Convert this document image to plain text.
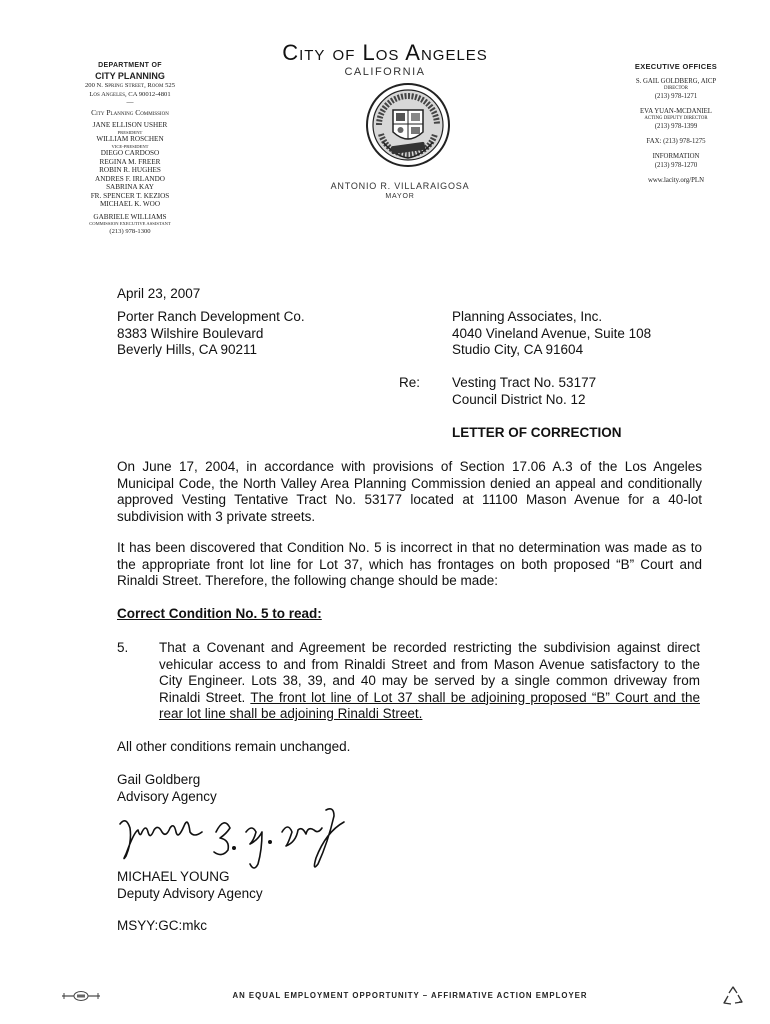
DEPARTMENT OF
CITY PLANNING
200 N. Spring Street, Room 525
Los Angeles, CA 90012-4801
—
City Planning Commission
JANE ELLISON USHER
PRESIDENT
WILLIAM ROSCHEN
VICE-PRESIDENT
DIEGO CARDOSO
REGINA M. FREER
ROBIN R. HUGHES
ANDRES F. IRLANDO
SABRINA KAY
FR. SPENCER T. KEZIOS
MICHAEL K. WOO
GABRIELE WILLIAMS
COMMISSION EXECUTIVE ASSISTANT
(213) 978-1300
City of Los Angeles
CALIFORNIA
ANTONIO R. VILLARAIGOSA
MAYOR
EXECUTIVE OFFICES
S. GAIL GOLDBERG, AICP
DIRECTOR
(213) 978-1271
EVA YUAN-MCDANIEL
ACTING DEPUTY DIRECTOR
(213) 978-1399
FAX: (213) 978-1275
INFORMATION
(213) 978-1270
www.lacity.org/PLN
April 23, 2007
Porter Ranch Development Co.
8383 Wilshire Boulevard
Beverly Hills, CA 90211
Planning Associates, Inc.
4040 Vineland Avenue, Suite 108
Studio City, CA 91604
Re: Vesting Tract No. 53177
Council District No. 12
LETTER OF CORRECTION
On June 17, 2004, in accordance with provisions of Section 17.06 A.3 of the Los Angeles Municipal Code, the North Valley Area Planning Commission denied an appeal and conditionally approved Vesting Tentative Tract No. 53177 located at 11100 Mason Avenue for a 40-lot subdivision with 3 private streets.
It has been discovered that Condition No. 5 is incorrect in that no determination was made as to the appropriate front lot line for Lot 37, which has frontages on both proposed “B” Court and Rinaldi Street. Therefore, the following change should be made:
Correct Condition No. 5 to read:
5. That a Covenant and Agreement be recorded restricting the subdivision against direct vehicular access to and from Rinaldi Street and from Mason Avenue satisfactory to the City Engineer. Lots 38, 39, and 40 may be served by a single common driveway from Rinaldi Street. The front lot line of Lot 37 shall be adjoining proposed “B” Court and the rear lot line shall be adjoining Rinaldi Street.
All other conditions remain unchanged.
Gail Goldberg
Advisory Agency
MICHAEL YOUNG
Deputy Advisory Agency
MSYY:GC:mkc
AN EQUAL EMPLOYMENT OPPORTUNITY – AFFIRMATIVE ACTION EMPLOYER
